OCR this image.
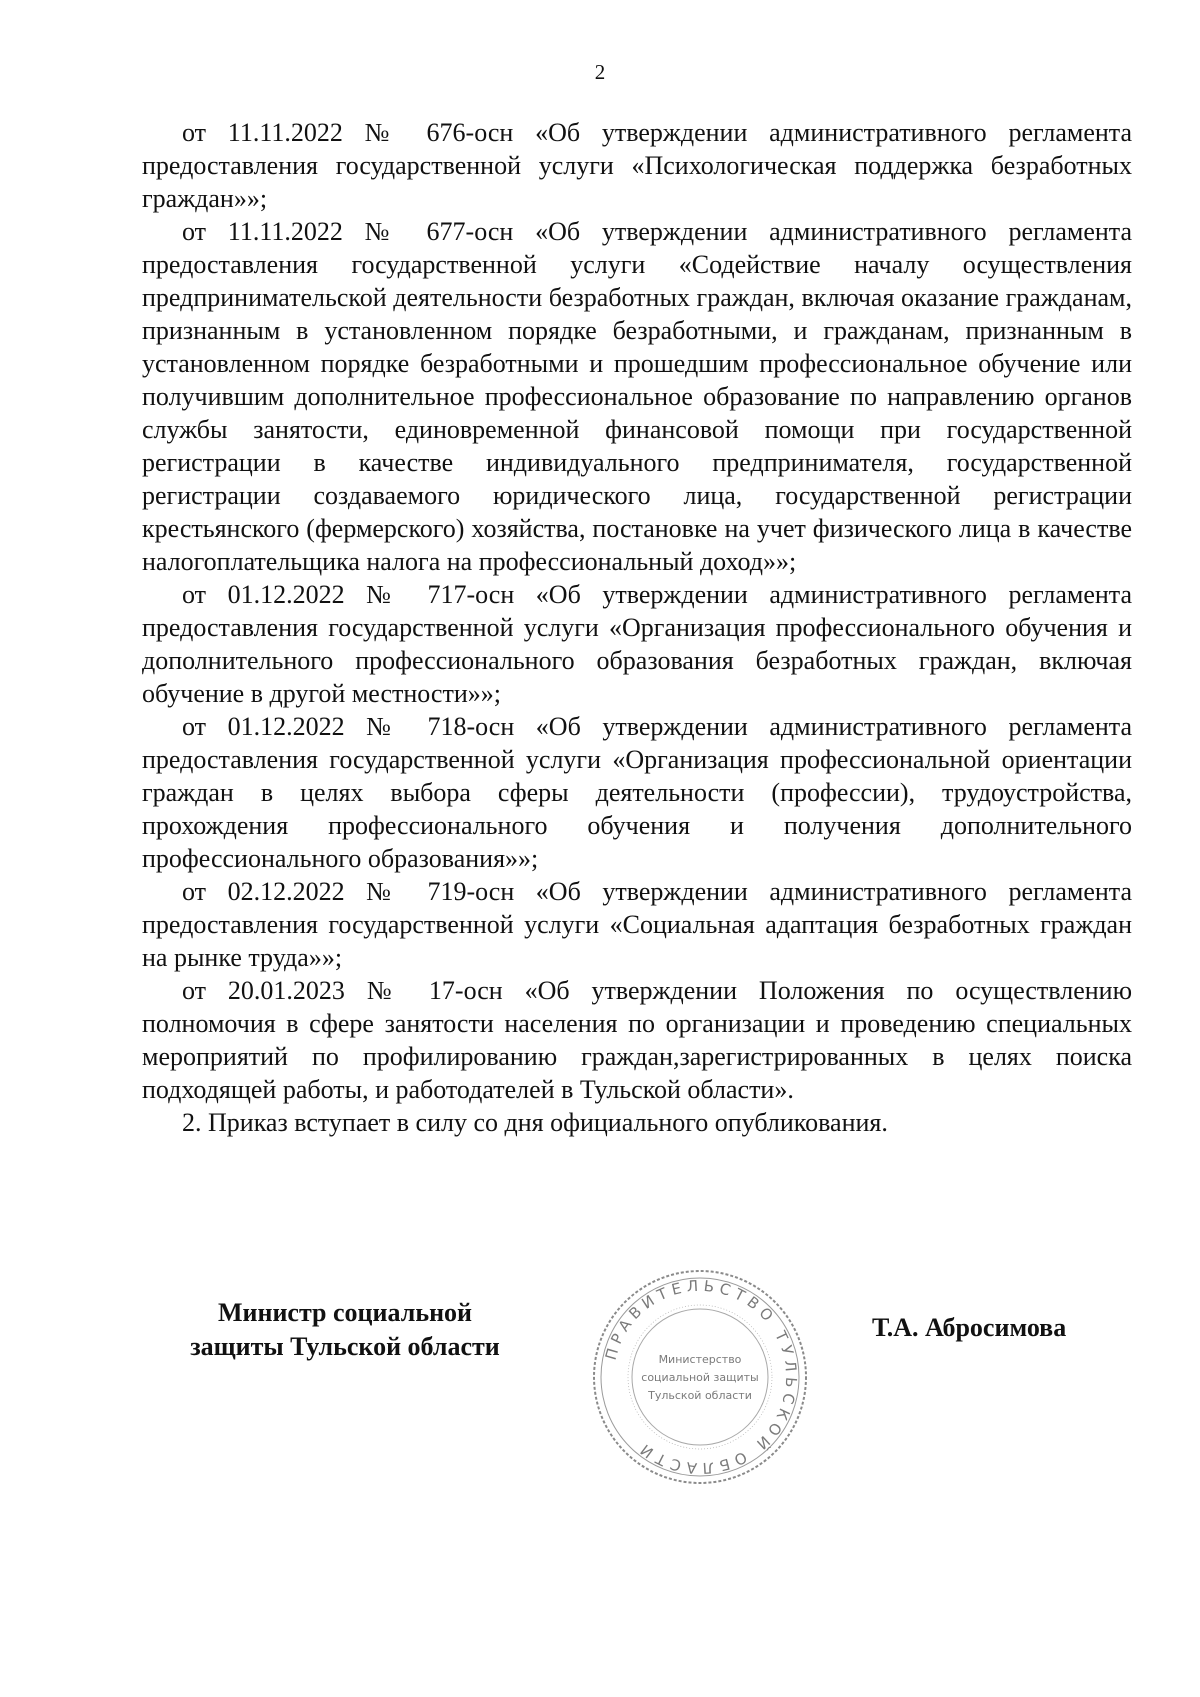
2

от 11.11.2022 № 676-осн «Об утверждении административного регламента предоставления государственной услуги «Психологическая поддержка безработных граждан»»;

от 11.11.2022 № 677-осн «Об утверждении административного регламента предоставления государственной услуги «Содействие началу осуществления предпринимательской деятельности безработных граждан, включая оказание гражданам, признанным в установленном порядке безработными, и гражданам, признанным в установленном порядке безработными и прошедшим профессиональное обучение или получившим дополнительное профессиональное образование по направлению органов службы занятости, единовременной финансовой помощи при государственной регистрации в качестве индивидуального предпринимателя, государственной регистрации создаваемого юридического лица, государственной регистрации крестьянского (фермерского) хозяйства, постановке на учет физического лица в качестве налогоплательщика налога на профессиональный доход»»;

от 01.12.2022 № 717-осн «Об утверждении административного регламента предоставления государственной услуги «Организация профессионального обучения и дополнительного профессионального образования безработных граждан, включая обучение в другой местности»»;

от 01.12.2022 № 718-осн «Об утверждении административного регламента предоставления государственной услуги «Организация профессиональной ориентации граждан в целях выбора сферы деятельности (профессии), трудоустройства, прохождения профессионального обучения и получения дополнительного профессионального образования»»;

от 02.12.2022 № 719-осн «Об утверждении административного регламента предоставления государственной услуги «Социальная адаптация безработных граждан на рынке труда»»;

от 20.01.2023 № 17-осн «Об утверждении Положения по осуществлению полномочия в сфере занятости населения по организации и проведению специальных мероприятий по профилированию граждан,зарегистрированных в целях поиска подходящей работы, и работодателей в Тульской области».

2. Приказ вступает в силу со дня официального опубликования.

Министр социальной
защиты Тульской области	ПРАВИТЕЛЬСТВО ТУЛЬСКОЙ ОБЛАСТИ
Министерство
социальной защиты
Тульской области
Т.А. Абросимова
